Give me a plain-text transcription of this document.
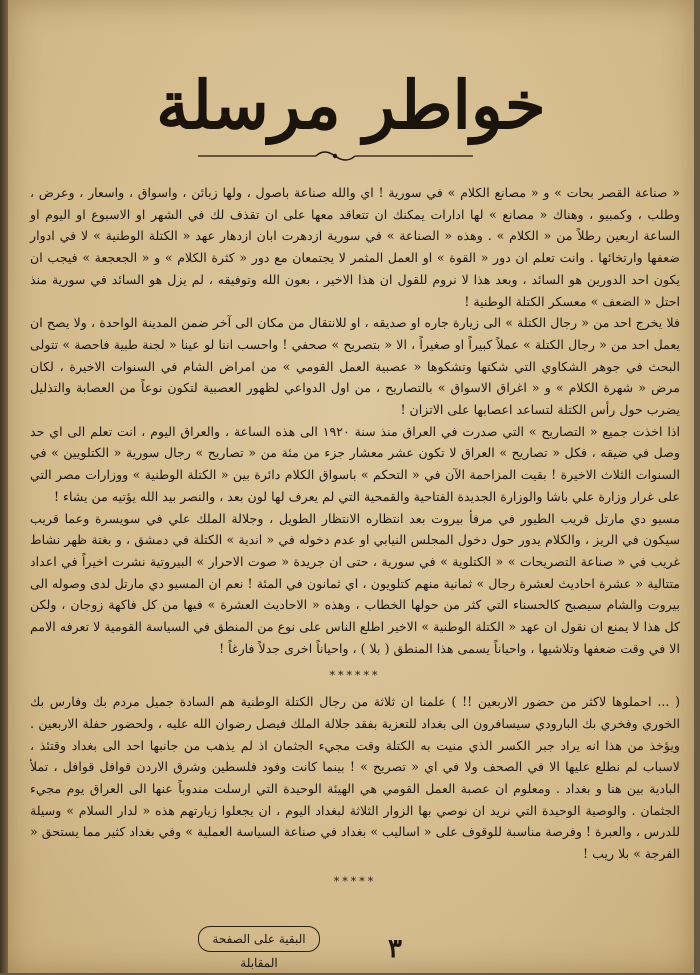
خواطر مرسلة

« صناعة القصر بحات » و « مصانع الكلام » في سورية ! اي والله صناعة باصول ، ولها زبائن ، واسواق ، واسعار ، وعرض ، وطلب ، وكمبيو ، وهناك « مصانع » لها ادارات يمكنك ان تتعاقد معها على ان تقذف لك في الشهر او الاسبوع او اليوم او الساعة اربعين رطلاً من « الكلام » . وهذه « الصناعة » في سورية ازدهرت ابان ازدهار عهد « الكتلة الوطنية » لا في ادوار ضعفها وارتخائها . وانت تعلم ان دور « القوة » او العمل المثمر لا يجتمعان مع دور « كثرة الكلام » و « الجعجعة » فيجب ان يكون احد الدورين هو السائد ، وبعد هذا لا نروم للقول ان هذا الاخير ، بعون الله وتوفيقه ، لم يزل هو السائد في سورية منذ احتل « الضعف » معسكر الكتلة الوطنية !

فلا يخرج احد من « رجال الكتلة » الى زيارة جاره او صديقه ، او للانتقال من مكان الى آخر ضمن المدينة الواحدة ، ولا يصح ان يعمل احد من « رجال الكتلة » عملاً كبيراً او صغيراً ، الا « بتصريح » صحفي ! واحسب اننا لو عينا « لجنة طبية فاحصة » تتولى البحث في جوهر الشكاوي التي شكتها وتشكوها « عصبية العمل القومي » من امراض الشام في السنوات الاخيرة ، لكان مرض « شهرة الكلام » و « اغراق الاسواق » بالتصاريح ، من اول الدواعي لظهور العصبية لتكون نوعاً من العصابة والتذليل يضرب حول رأس الكتلة لتساعد اعصابها على الاتزان !

اذا اخذت جميع « التصاريح » التي صدرت في العراق منذ سنة ١٩٢٠ الى هذه الساعة ، والعراق اليوم ، انت تعلم الى اي حد وصل في ضيقه ، فكل « تصاريح » العراق لا تكون عشر معشار جزء من مئة من « تصاريح » رجال سورية « الكتلويين » في السنوات الثلاث الاخيرة ! بقيت المزاحمة الآن في « التحكم » باسواق الكلام دائرة بين « الكتلة الوطنية » ووزارات مصر التي على غرار وزارة علي باشا والوزارة الجديدة الفتاحية والقمحية التي لم يعرف لها لون بعد ، والنصر بيد الله يؤتيه من يشاء !

مسيو دي مارتل قريب الطيور في مرفأ بيروت بعد انتظاره الانتظار الطويل ، وجلالة الملك علي في سويسرة وعما قريب سيكون في الريز ، والكلام يدور حول دخول المجلس النيابي او عدم دخوله في « اندية » الكتلة في دمشق ، و بغتة ظهر نشاط غريب في « صناعة التصريحات » « الكتلوية » في سورية ، حتى ان جريدة « صوت الاحرار » البيروتية نشرت اخيراً في اعداد متتالية « عشرة احاديث لعشرة رجال » ثمانية منهم كتلويون ، اي ثمانون في المئة ! نعم ان المسيو دي مارتل لدى وصوله الى بيروت والشام سيصبح كالحسناء التي كثر من حولها الخطاب ، وهذه « الاحاديث العشرة » فيها من كل فاكهة زوجان ، ولكن كل هذا لا يمنع ان نقول ان عهد « الكتلة الوطنية » الاخير اطلع الناس على نوع من المنطق في السياسة القومية لا تعرفه الامم الا في وقت ضعفها وتلاشيها ، واحياناً يسمى هذا المنطق ( بلا ) ، واحياناً اخرى جدلاً فارغاً !

******

( ... احملوها لاكثر من حضور الاربعين !! ) علمنا ان ثلاثة من رجال الكتلة الوطنية هم السادة جميل مردم بك وفارس بك الخوري وفخري بك البارودي سيسافرون الى بغداد للتعزية بفقد جلالة الملك فيصل رضوان الله عليه ، ولحضور حفلة الاربعين . ويؤخذ من هذا انه يراد جبر الكسر الذي منيت به الكتلة وقت مجيء الجثمان اذ لم يذهب من جانبها احد الى بغداد وقتئذ ، لاسباب لم نطلع عليها الا في الصحف ولا في اي « تصريح » ! بينما كانت وفود فلسطين وشرق الاردن قوافل قوافل ، تملأ البادية بين هنا و بغداد . ومعلوم ان عصبة العمل القومي هي الهيئة الوحيدة التي ارسلت مندوباً عنها الى العراق يوم مجيء الجثمان . والوصية الوحيدة التي نريد ان نوصي بها الزوار الثلاثة لبغداد اليوم ، ان يجعلوا زيارتهم هذه « لدار السلام » وسيلة للدرس ، والعبرة ! وفرصة مناسبة للوقوف على « اساليب » بغداد في صناعة السياسة العملية » وفي بغداد كثير مما يستحق « الفرجة » بلا ريب !

*****
البقية على الصفحة المقابلة	٣
